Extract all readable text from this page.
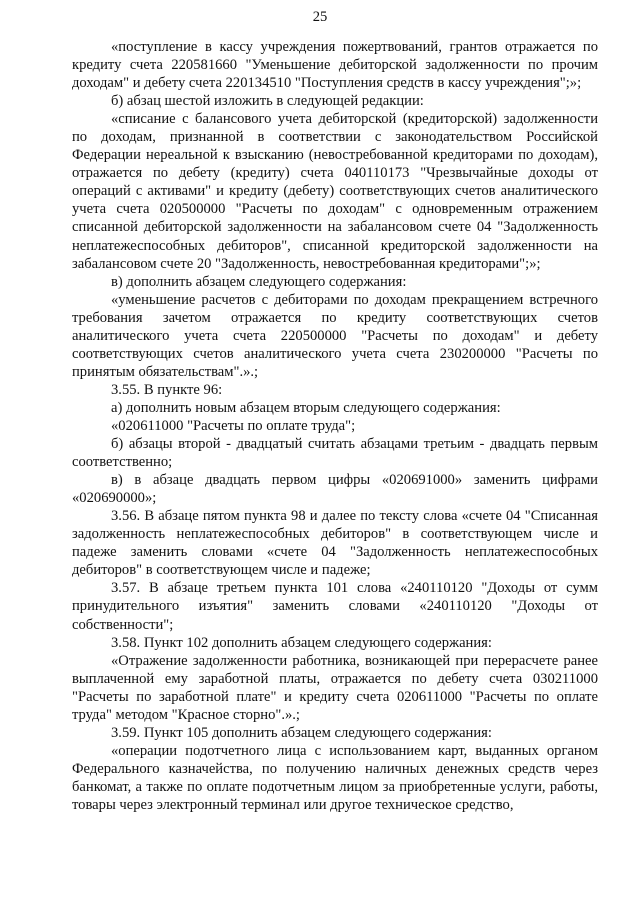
25

«поступление в кассу учреждения пожертвований, грантов отражается по кредиту счета 220581660 "Уменьшение дебиторской задолженности по прочим доходам" и дебету счета 220134510 "Поступления средств в кассу учреждения";»;

б) абзац шестой изложить в следующей редакции:

«списание с балансового учета дебиторской (кредиторской) задолженности по доходам, признанной в соответствии с законодательством Российской Федерации нереальной к взысканию (невостребованной кредиторами по доходам), отражается по дебету (кредиту) счета 040110173 "Чрезвычайные доходы от операций с активами" и кредиту (дебету) соответствующих счетов аналитического учета счета 020500000 "Расчеты по доходам" с одновременным отражением списанной дебиторской задолженности на забалансовом счете 04 "Задолженность неплатежеспособных дебиторов", списанной кредиторской задолженности на забалансовом счете 20 "Задолженность, невостребованная кредиторами";»;

в) дополнить абзацем следующего содержания:

«уменьшение расчетов с дебиторами по доходам прекращением встречного требования зачетом отражается по кредиту соответствующих счетов аналитического учета счета 220500000 "Расчеты по доходам" и дебету соответствующих счетов аналитического учета счета 230200000 "Расчеты по принятым обязательствам".».;

3.55. В пункте 96:

а) дополнить новым абзацем вторым следующего содержания:

«020611000 "Расчеты по оплате труда";

б) абзацы второй - двадцатый считать абзацами третьим - двадцать первым соответственно;

в) в абзаце двадцать первом цифры «020691000» заменить цифрами «020690000»;

3.56. В абзаце пятом пункта 98 и далее по тексту слова «счете 04 "Списанная задолженность неплатежеспособных дебиторов" в соответствующем числе и падеже заменить словами «счете 04 "Задолженность неплатежеспособных дебиторов" в соответствующем числе и падеже;

3.57. В абзаце третьем пункта 101 слова «240110120 "Доходы от сумм принудительного изъятия" заменить словами «240110120 "Доходы от собственности";

3.58. Пункт 102 дополнить абзацем следующего содержания:

«Отражение задолженности работника, возникающей при перерасчете ранее выплаченной ему заработной платы, отражается по дебету счета 030211000 "Расчеты по заработной плате" и кредиту счета 020611000 "Расчеты по оплате труда" методом "Красное сторно".».;

3.59. Пункт 105 дополнить абзацем следующего содержания:

«операции подотчетного лица с использованием карт, выданных органом Федерального казначейства, по получению наличных денежных средств через банкомат, а также по оплате подотчетным лицом за приобретенные услуги, работы, товары через электронный терминал или другое техническое средство,
